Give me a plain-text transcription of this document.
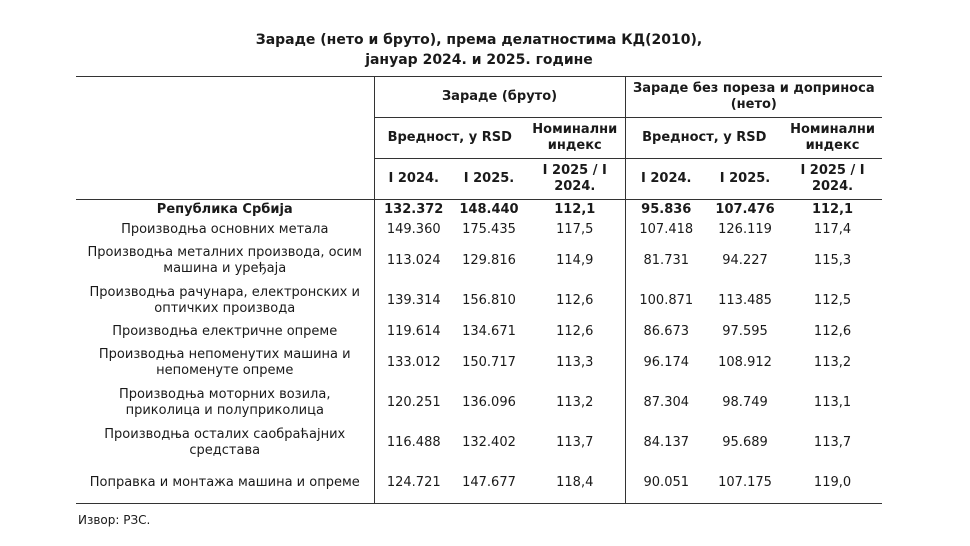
Зараде (нето и бруто), према делатностима КД(2010),
јануар 2024. и 2025. године
	Зараде (бруто)			Зараде без пореза и доприноса (нето)		
	Вредност, у RSD		Номинални индекс	Вредност, у RSD		Номинални индекс
	I 2024.	I 2025.	I 2025 / I 2024.	I 2024.	I 2025.	I 2025 / I 2024.
Република Србија	132.372	148.440	112,1	95.836	107.476	112,1
Производња основних метала	149.360	175.435	117,5	107.418	126.119	117,4
Производња металних производа, осим машина и уређаја	113.024	129.816	114,9	81.731	94.227	115,3
Производња рачунара, електронских и оптичких производа	139.314	156.810	112,6	100.871	113.485	112,5
Производња електричне опреме	119.614	134.671	112,6	86.673	97.595	112,6
Производња непоменутих машина и непоменуте опреме	133.012	150.717	113,3	96.174	108.912	113,2
Производња моторних возила, приколица и полуприколица	120.251	136.096	113,2	87.304	98.749	113,1
Производња осталих саобраћајних средстава	116.488	132.402	113,7	84.137	95.689	113,7
Поправка и монтажа машина и опреме	124.721	147.677	118,4	90.051	107.175	119,0
Извор: РЗС.
